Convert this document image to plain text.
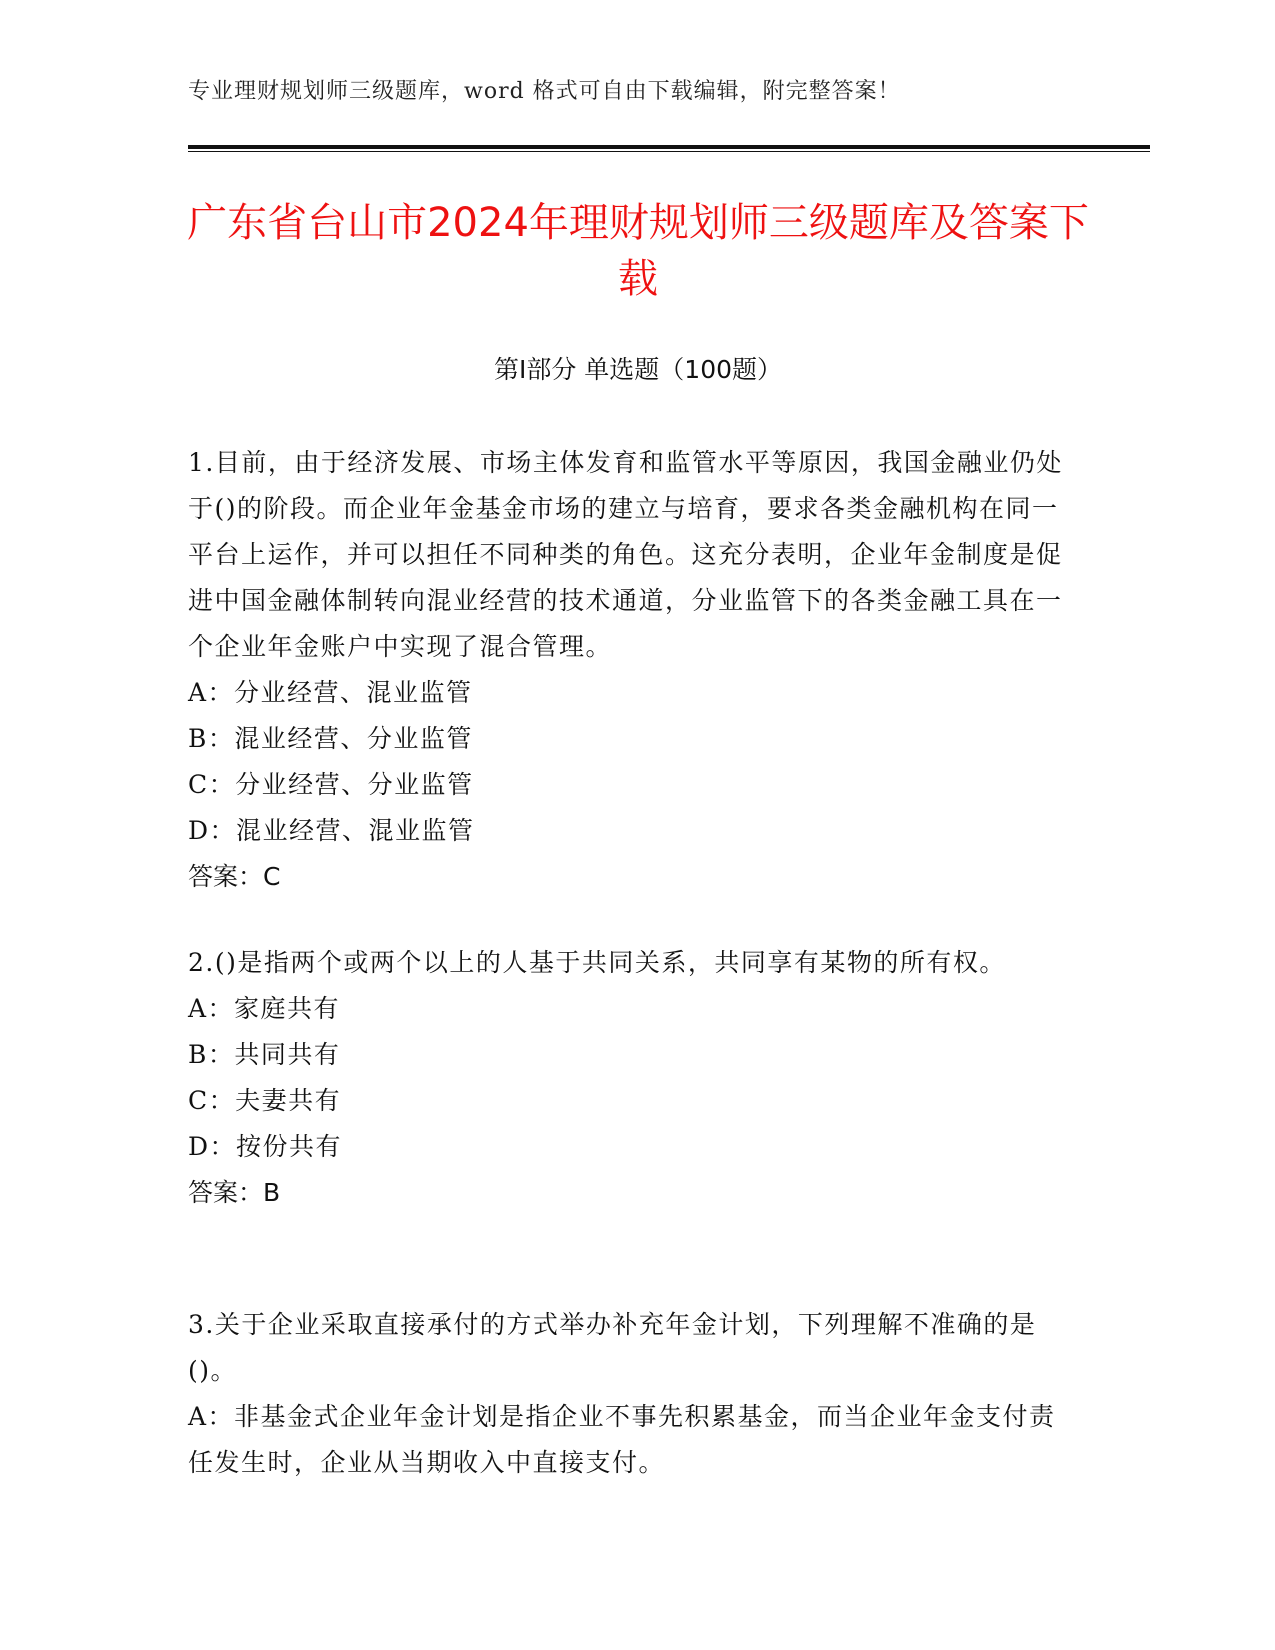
专业理财规划师三级题库，word 格式可自由下载编辑，附完整答案！
广东省台山市2024年理财规划师三级题库及答案下载
第Ⅰ部分 单选题（100题）

1.目前，由于经济发展、市场主体发育和监管水平等原因，我国金融业仍处于()的阶段。而企业年金基金市场的建立与培育，要求各类金融机构在同一平台上运作，并可以担任不同种类的角色。这充分表明，企业年金制度是促进中国金融体制转向混业经营的技术通道，分业监管下的各类金融工具在一个企业年金账户中实现了混合管理。

A：分业经营、混业监管

B：混业经营、分业监管

C：分业经营、分业监管

D：混业经营、混业监管

答案：C

2.()是指两个或两个以上的人基于共同关系，共同享有某物的所有权。

A：家庭共有

B：共同共有

C：夫妻共有

D：按份共有

答案：B

3.关于企业采取直接承付的方式举办补充年金计划，下列理解不准确的是()。

A：非基金式企业年金计划是指企业不事先积累基金，而当企业年金支付责任发生时，企业从当期收入中直接支付。
